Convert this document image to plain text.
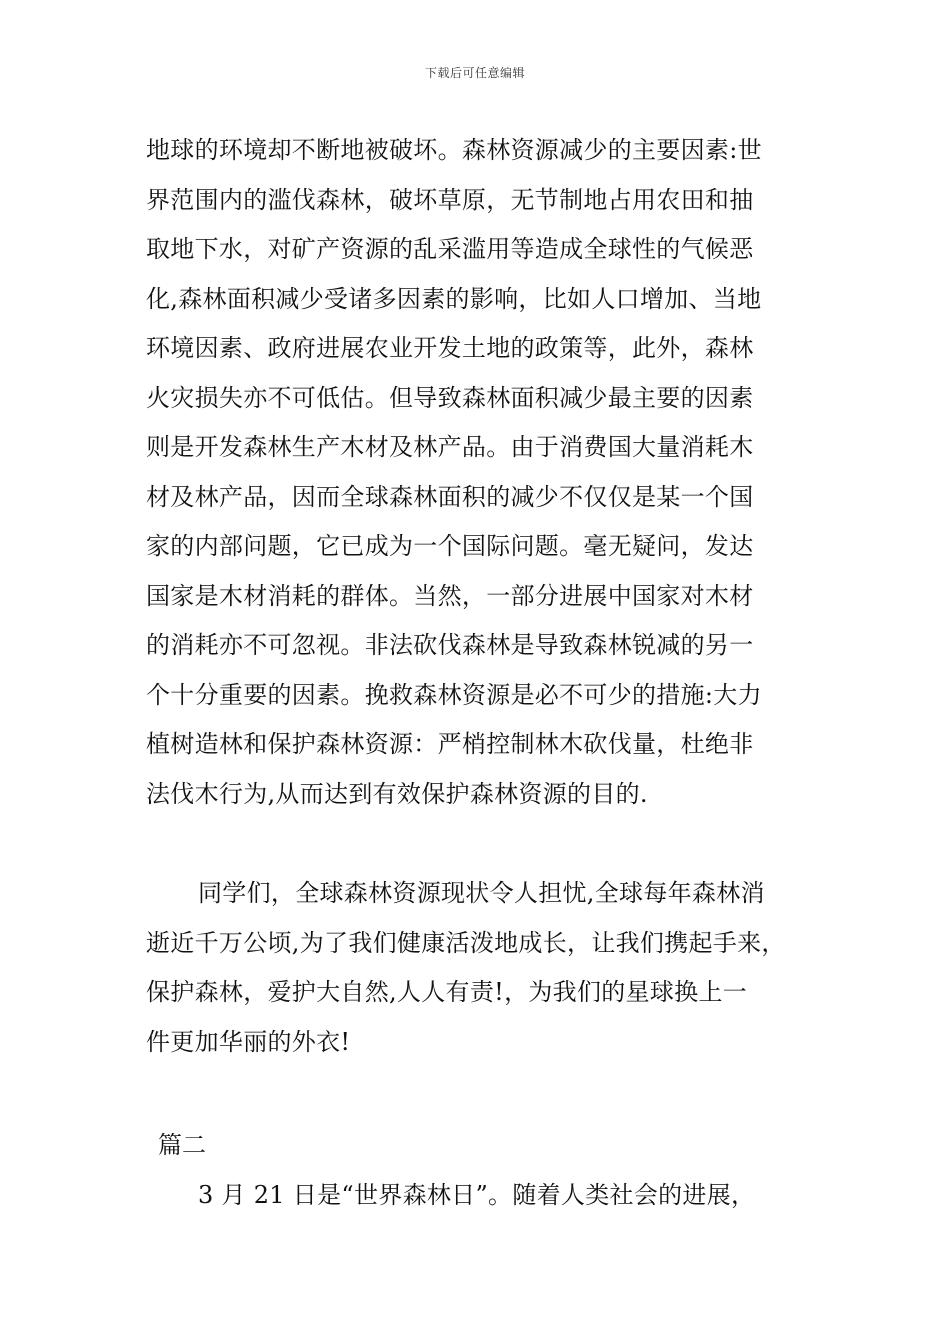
下载后可任意编辑
地球的环境却不断地被破坏。森林资源减少的主要因素:世
界范围内的滥伐森林，破坏草原，无节制地占用农田和抽
取地下水，对矿产资源的乱采滥用等造成全球性的气候恶
化,森林面积减少受诸多因素的影响，比如人口增加、当地
环境因素、政府进展农业开发土地的政策等，此外，森林
火灾损失亦不可低估。但导致森林面积减少最主要的因素
则是开发森林生产木材及林产品。由于消费国大量消耗木
材及林产品，因而全球森林面积的减少不仅仅是某一个国
家的内部问题，它已成为一个国际问题。毫无疑问，发达
国家是木材消耗的群体。当然，一部分进展中国家对木材
的消耗亦不可忽视。非法砍伐森林是导致森林锐减的另一
个十分重要的因素。挽救森林资源是必不可少的措施:大力
植树造林和保护森林资源：严梢控制林木砍伐量，杜绝非
法伐木行为,从而达到有效保护森林资源的目的.
同学们，全球森林资源现状令人担忧,全球每年森林消
逝近千万公顷,为了我们健康活泼地成长，让我们携起手来，
保护森林，爱护大自然,人人有责!，为我们的星球换上一
件更加华丽的外衣!
篇二
3 月 21 日是“世界森林日”。随着人类社会的进展，
